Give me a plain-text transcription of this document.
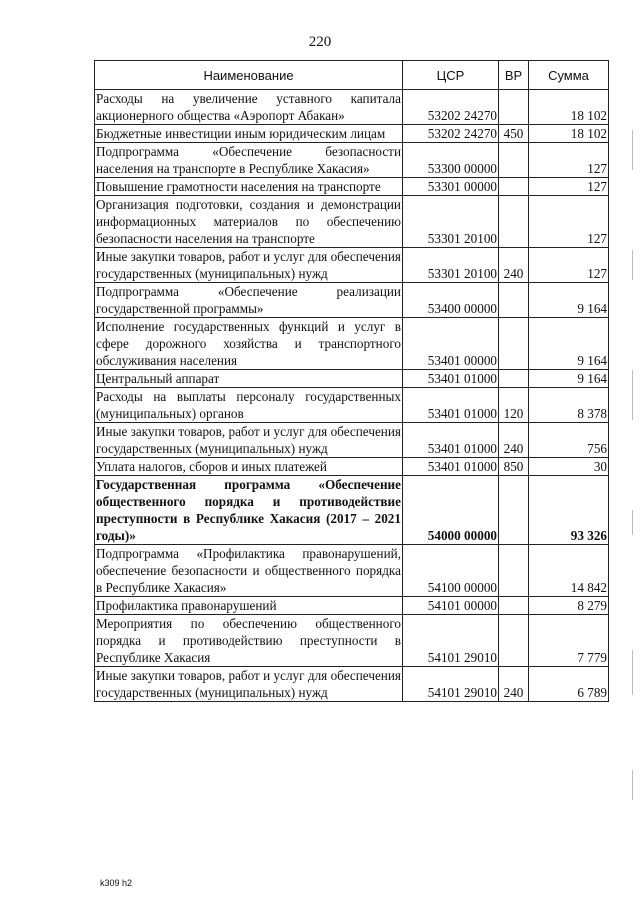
220
Наименование	ЦСР	ВР	Сумма
Расходы на увеличение уставного капитала акционерного общества «Аэропорт Абакан»	53202 24270		18 102
Бюджетные инвестиции иным юридическим лицам	53202 24270	450	18 102
Подпрограмма «Обеспечение безопасности населения на транспорте в Республике Хакасия»	53300 00000		127
Повышение грамотности населения на транспорте	53301 00000		127
Организация подготовки, создания и демонстрации информационных материалов по обеспечению безопасности населения на транспорте	53301 20100		127
Иные закупки товаров, работ и услуг для обеспечения государственных (муниципальных) нужд	53301 20100	240	127
Подпрограмма «Обеспечение реализации государственной программы»	53400 00000		9 164
Исполнение государственных функций и услуг в сфере дорожного хозяйства и транспортного обслуживания населения	53401 00000		9 164
Центральный аппарат	53401 01000		9 164
Расходы на выплаты персоналу государственных (муниципальных) органов	53401 01000	120	8 378
Иные закупки товаров, работ и услуг для обеспечения государственных (муниципальных) нужд	53401 01000	240	756
Уплата налогов, сборов и иных платежей	53401 01000	850	30
Государственная программа «Обеспечение общественного порядка и противодействие преступности в Республике Хакасия (2017 – 2021 годы)»	54000 00000		93 326
Подпрограмма «Профилактика правонарушений, обеспечение безопасности и общественного порядка в Республике Хакасия»	54100 00000		14 842
Профилактика правонарушений	54101 00000		8 279
Мероприятия по обеспечению общественного порядка и противодействию преступности в Республике Хакасия	54101 29010		7 779
Иные закупки товаров, работ и услуг для обеспечения государственных (муниципальных) нужд	54101 29010	240	6 789
k309 h2
